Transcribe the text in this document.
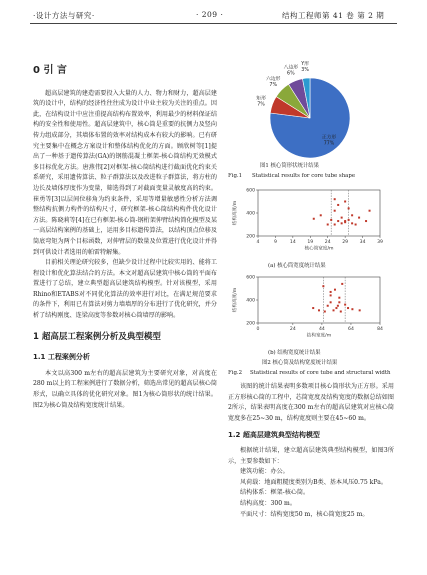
·设计方法与研究·	· 209 ·	结构工程师第 41 卷 第 2 期
0 引 言

超高层建筑的建造需要投入大量的人力、物力和财力，超高层建筑的设计中，结构的经济性往往成为设计中业主较为关注的重点。因此，在结构设计中应注重提高结构布置效率，利用最少的材料保证结构的安全性和使用性。超高层建筑中，核心筒是重要的抗侧力及竖向传力组成部分，其墙体布置的效率对结构成本有较大的影响。已有研究主要集中在概念方案设计和整体结构优化的方面。顾欣树等[1]提出了一种基于遗传算法(GA)的钢筋混凝土框架-核心筒结构无效模式多目标优化方法。唐燕伟[2]对框架-核心筒结构进行截面优化约束关系研究，采用遗传算法、粒子群算法以及改进粒子群算法，将方柱的边长及墙体厚度作为变量，筛选得到了对截面变量灵敏度高的约束。崔勇等[3]以层间位移角为约束条件，采用等增量敏感性分析方法调整结构抗侧力构件的结构尺寸，研究框架-核心筒结构构件优化设计方法。陈晓莉等[4]在已有框架-核心筒-钢桁架伸臂结构简化模型及某一高层结构案例的基础上，运用多目标遗传算法，以结构顶点位移及筒底弯矩为两个目标函数，对伸臂层的数量及位置进行优化设计并得到可供设计者选用的帕雷特解集。

目前相关理论研究较多，但缺少设计过程中比较实用的、能将工程设计和优化算法结合的方法。本文对超高层建筑中核心筒的平面布置进行了总结，建立典型超高层建筑结构模型。针对该模型，采用Rhino和ETABS对不同优化算法的效率进行对比，在满足规范要求的条件下，利用已有算法对剪力墙墙厚的分布进行了优化研究，并分析了结构刚度、连梁高度等参数对核心筒墙厚的影响。

1 超高层工程案例分析及典型模型
1.1 工程案例分析

本文以高300 m左右的超高层建筑为主要研究对象，对高度在280 m以上的工程案例进行了数据分析，筛选出常见的超高层核心筒形式，以确立具体的优化研究对象。图1为核心筒形状的统计结果。图2为核心筒及结构宽度统计结果。

正方形
77%
矩形
7%
六边形
7%
八边形
6%
Y形
3%
图1 核心筒形状统计结果
Fig.1 Statistical results for core tube shape
4	9	14	19	24	29	34	39
200
400
600
核心筒宽度/m
结构高度/m
(a) 核心筒宽度统计结果
0	24	44	64	84
200
400
600
结构宽度/m
结构高度/m
(b) 结构宽度统计结果
图2 核心筒及结构宽度统计结果
Fig.2 Statistical results of core tube and structural width

该图的统计结果表明多数项目核心筒形状为正方形。采用正方形核心筒的工程中，芯筒宽度及结构宽度的数据总结如图2所示，结果表明高度在300 m左右的超高层建筑对应核心筒宽度多在25~30 m，结构宽度则主要在45~60 m。

1.2 超高层建筑典型结构模型

根据统计结果，建立超高层建筑典型结构模型，如图3所示，主要参数如下：

建筑功能：办公。

风荷载：地面粗糙度类别为B类、基本风压0.75 kPa。

结构体系：框架-核心筒。

结构高度：300 m。

平面尺寸：结构宽度50 m，核心筒宽度25 m。
